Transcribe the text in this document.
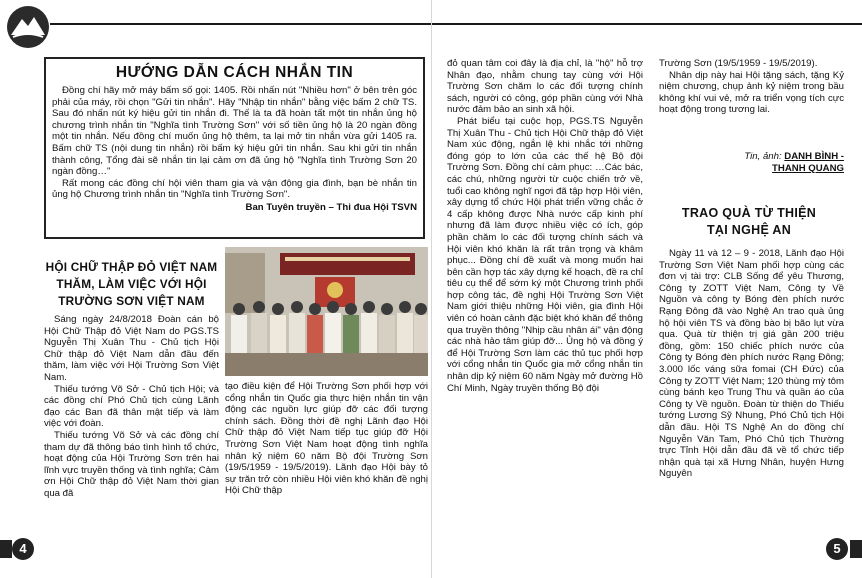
HƯỚNG DẪN CÁCH NHẮN TIN

Đồng chí hãy mở máy bấm số gọi: 1405. Rồi nhấn nút "Nhiều hơn" ở bên trên góc phải của máy, rồi chọn "Gửi tin nhắn". Hãy "Nhập tin nhắn" bằng việc bấm 2 chữ TS. Sau đó nhấn nút ký hiệu gửi tin nhắn đi. Thế là ta đã hoàn tất một tin nhắn ủng hộ chương trình nhắn tin "Nghĩa tình Trường Sơn" với số tiền ủng hộ là 20 ngàn đồng một tin nhắn. Nếu đồng chí muốn ủng hộ thêm, ta lại mở tin nhắn vừa gửi 1405 ra. Bấm chữ TS (nội dung tin nhắn) rồi bấm ký hiệu gửi tin nhắn. Sau khi gửi tin nhắn thành công, Tổng đài sẽ nhắn tin lại cảm ơn đã ủng hộ "Nghĩa tình Trường Sơn 20 ngàn đồng…"

Rất mong các đồng chí hội viên tham gia và vận động gia đình, bạn bè nhắn tin ủng hộ Chương trình nhắn tin "Nghĩa tình Trường Sơn".

Ban Tuyên truyền – Thi đua Hội TSVN
HỘI CHỮ THẬP ĐỎ VIỆT NAM
THĂM, LÀM VIỆC VỚI HỘI
TRƯỜNG SƠN VIỆT NAM

Sáng ngày 24/8/2018 Đoàn cán bộ Hội Chữ Thập đỏ Việt Nam do PGS.TS Nguyễn Thị Xuân Thu - Chủ tịch Hội Chữ thập đỏ Việt Nam dẫn đầu đến thăm, làm việc với Hội Trường Sơn Việt Nam.

Thiếu tướng Võ Sở - Chủ tịch Hội; và các đồng chí Phó Chủ tịch cùng Lãnh đạo các Ban đã thân mật tiếp và làm việc với đoàn.

Thiếu tướng Võ Sở và các đồng chí tham dự đã thông báo tình hình tổ chức, hoạt động của Hội Trường Sơn trên hai lĩnh vực truyền thống và tình nghĩa; Cảm ơn Hội Chữ thập đỏ Việt Nam thời gian qua đã

tạo điều kiện để Hội Trường Sơn phối hợp với cổng nhắn tin Quốc gia thực hiện nhắn tin vận động các nguồn lực giúp đỡ các đối tượng chính sách. Đồng thời đề nghị Lãnh đạo Hội Chữ thập đỏ Việt Nam tiếp tục giúp đỡ Hội Trường Sơn Việt Nam hoạt động tình nghĩa nhân kỷ niệm 60 năm Bộ đội Trường Sơn (19/5/1959 - 19/5/2019). Lãnh đạo Hội bày tỏ sự trăn trở còn nhiều Hội viên khó khăn đề nghị Hội Chữ thập

đỏ quan tâm coi đây là địa chỉ, là "hộ" hỗ trợ Nhân đạo, nhằm chung tay cùng với Hội Trường Sơn chăm lo các đối tượng chính sách, người có công, góp phần cùng với Nhà nước đảm bảo an sinh xã hội.

Phát biểu tại cuộc họp, PGS.TS Nguyễn Thị Xuân Thu - Chủ tịch Hội Chữ thập đỏ Việt Nam xúc động, ngắn lệ khi nhắc tới những đóng góp to lớn của các thế hệ Bộ đội Trường Sơn. Đồng chí cảm phục: …Các bác, các chú, những người từ cuộc chiến trở về, tuổi cao không nghĩ ngơi đã tập hợp Hội viên, xây dựng tổ chức Hội phát triển vững chắc ở 4 cấp không được Nhà nước cấp kinh phí nhưng đã làm được nhiều việc có ích, góp phần chăm lo các đối tượng chính sách và Hội viên khó khăn là rất trân trọng và khâm phục... Đồng chí đề xuất và mong muốn hai bên cần hợp tác xây dựng kế hoạch, đề ra chỉ tiêu cụ thể để sớm ký một Chương trình phối hợp công tác, đề nghị Hội Trường Sơn Việt Nam giới thiệu những Hội viên, gia đình Hội viên có hoàn cảnh đặc biệt khó khăn để thông qua truyền thông "Nhịp cầu nhân ái" vận động các nhà hảo tâm giúp đỡ... Ủng hộ và đồng ý để Hội Trường Sơn làm các thủ tục phối hợp với cổng nhắn tin Quốc gia mở cổng nhắn tin nhân dịp kỷ niệm 60 năm Ngày mở đường Hồ Chí Minh, Ngày truyền thống Bộ đội

Trường Sơn (19/5/1959 - 19/5/2019).

Nhân dịp này hai Hội tặng sách, tặng Kỷ niệm chương, chụp ảnh kỷ niệm trong bầu không khí vui vẻ, mở ra triển vọng tích cực hoạt động trong tương lai.

Tin, ảnh: DANH BÌNH -
THANH QUANG
TRAO QUÀ TỪ THIỆN
TẠI NGHỆ AN

Ngày 11 và 12 – 9 - 2018, Lãnh đạo Hội Trường Sơn Việt Nam phối hợp cùng các đơn vị tài trợ: CLB Sống để yêu Thương, Công ty ZOTT Việt Nam, Công ty Về Nguồn và công ty Bóng đèn phích nước Rạng Đông đã vào Nghệ An trao quà ủng hộ hội viên TS và đồng bào bị bão lụt vừa qua. Quà từ thiện trị giá gần 200 triệu đồng, gồm: 150 chiếc phích nước của Công ty Bóng đèn phích nước Rạng Đông; 3.000 lốc váng sữa fomai (CH Đức) của Công ty ZOTT Việt Nam; 120 thùng mỳ tôm cùng bánh kẹo Trung Thu và quần áo của Công ty Về nguồn. Đoàn từ thiện do Thiếu tướng Lương Sỹ Nhung, Phó Chủ tịch Hội dẫn đầu. Hội TS Nghệ An do đồng chí Nguyễn Văn Tam, Phó Chủ tịch Thường trực Tỉnh Hội dẫn đầu đã về tổ chức tiếp nhận quà tại xã Hưng Nhân, huyện Hưng Nguyên

4	5
